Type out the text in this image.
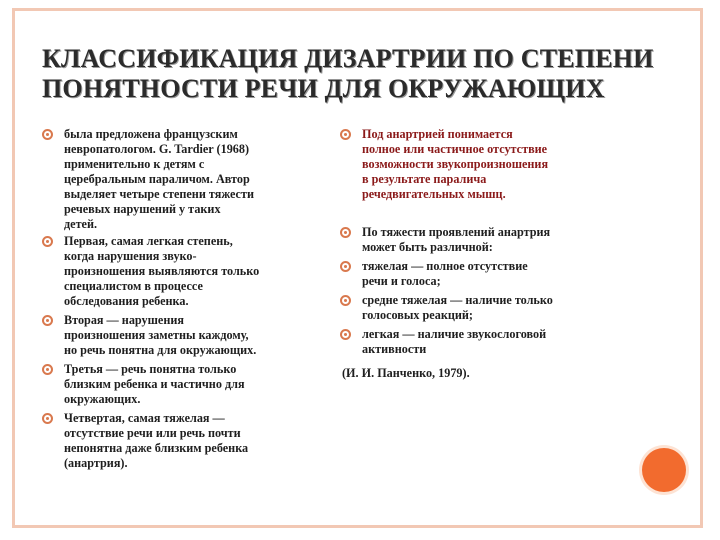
КЛАССИФИКАЦИЯ ДИЗАРТРИИ ПО СТЕПЕНИ
ПОНЯТНОСТИ РЕЧИ ДЛЯ ОКРУЖАЮЩИХ
была предложена французским
невропатологом. G. Tardier (1968)
применительно к детям с
церебральным параличом. Автор
выделяет четыре степени тяжести
речевых нарушений у таких
детей.
Первая, самая легкая степень,
когда нарушения звуко-
произношения выявляются только
специалистом в процессе
обследования ребенка.
Вторая — нарушения
произношения заметны каждому,
но речь понятна для окружающих.
Третья — речь понятна только
близким ребенка и частично для
окружающих.
Четвертая, самая тяжелая —
отсутствие речи или речь почти
непонятна даже близким ребенка
(анартрия).
Под анартрией понимается
полное или частичное отсутствие
возможности звукопроизношения
в результате паралича
речедвигательных мышц.
По тяжести проявлений анартрия
может быть различной:
тяжелая — полное отсутствие
речи и голоса;
средне тяжелая — наличие только
голосовых реакций;
легкая — наличие звукослоговой
активности
(И. И. Панченко, 1979).
